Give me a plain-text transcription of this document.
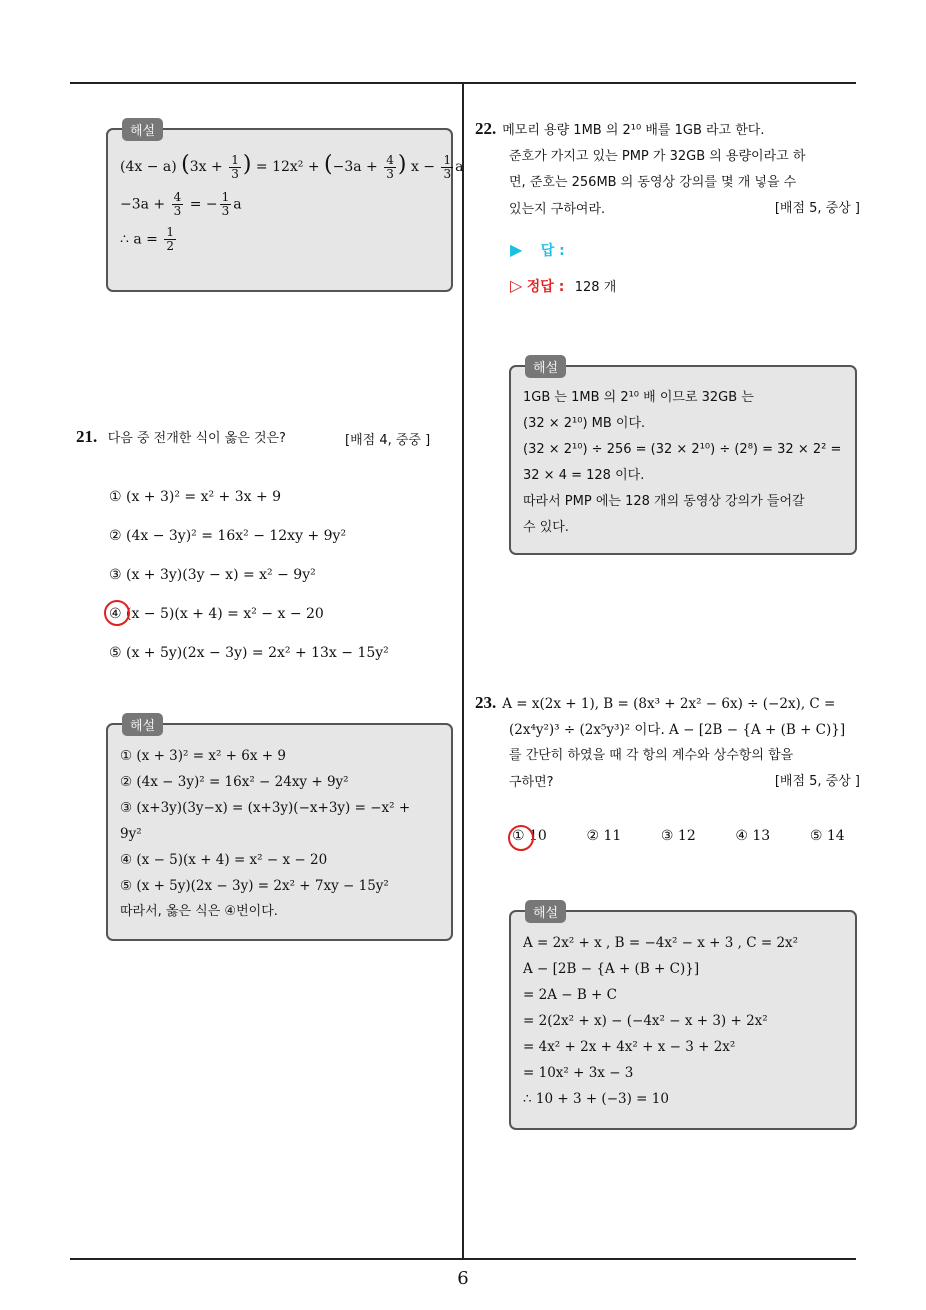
6
해설
(4x − a) ($3x + \frac{1}{3}$ ) = $12x^2 + (-3a + \frac{4}{3}$ ) $x - \frac{1}{3}$ a
$-3a + \frac{4}{3}$ = − $\frac{1}{3}$ a
∴ $a = \frac{1}{2}$
21. 다음 중 전개한 식이 옳은 것은?	[배점 4, 중중 ]
① (x + 3)² = x² + 3x + 9
② (4x − 3y)² = 16x² − 12xy + 9y²
③ (x + 3y)(3y − x) = x² − 9y²
④ (x − 5)(x + 4) = x² − x − 20
⑤ (x + 5y)(2x − 3y) = 2x² + 13x − 15y²
해설
① (x + 3)² = x² + 6x + 9
② (4x − 3y)² = 16x² − 24xy + 9y²
③ (x+3y)(3y−x) = (x+3y)(−x+3y) = −x² +
9y²
④ (x − 5)(x + 4) = x² − x − 20
⑤ (x + 5y)(2x − 3y) = 2x² + 7xy − 15y²
따라서, 옳은 식은 ④번이다.
22. 메모리 용량 1MB 의 2¹⁰ 배를 1GB 라고 한다.
준호가 가지고 있는 PMP 가 32GB 의 용량이라고 하
면, 준호는 256MB 의 동영상 강의를 몇 개 넣을 수
있는지 구하여라.	[배점 5, 중상 ]
▶ 답 :
▷ 정답 : 128 개
해설
1GB 는 1MB 의 2¹⁰ 배 이므로 32GB 는
(32 × 2¹⁰) MB 이다.
(32 × 2¹⁰) ÷ 256 = (32 × 2¹⁰) ÷ (2⁸) = 32 × 2² =
32 × 4 = 128 이다.
따라서 PMP 에는 128 개의 동영상 강의가 들어갈
수 있다.
23. A = x(2x + 1), B = (8x³ + 2x² − 6x) ÷ (−2x), C =
(2x⁴y²)³ ÷ (2x⁵y³)² 이다. A − [2B − {A + (B + C)}]
를 간단히 하였을 때 각 항의 계수와 상수항의 합을
구하면?	[배점 5, 중상 ]
① 10	② 11	③ 12	④ 13	⑤ 14
해설
A = 2x² + x , B = −4x² − x + 3 , C = 2x²
A − [2B − {A + (B + C)}]
= 2A − B + C
= 2(2x² + x) − (−4x² − x + 3) + 2x²
= 4x² + 2x + 4x² + x − 3 + 2x²
= 10x² + 3x − 3
∴ 10 + 3 + (−3) = 10
